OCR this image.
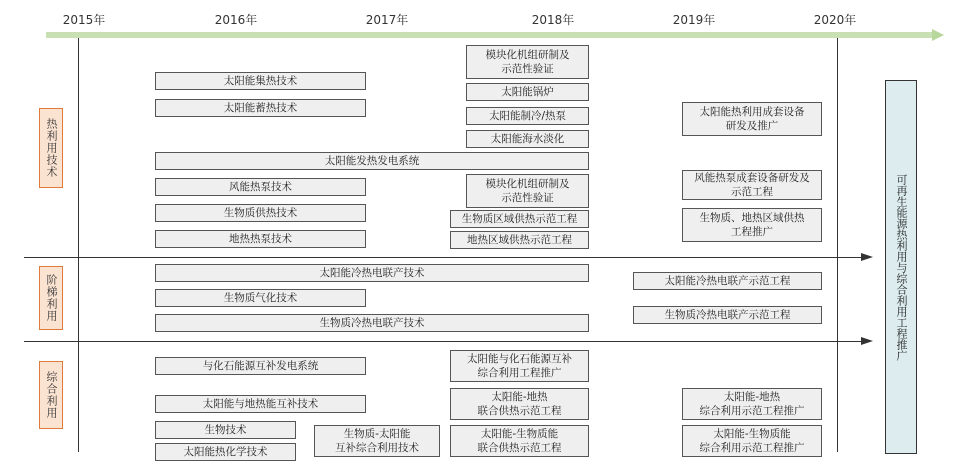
2015年	2016年	2017年	2018年	2019年	2020年
热利用技术
阶梯利用
综合利用
可再生能源热利用与综合利用工程推广
太阳能集热技术
太阳能蓄热技术
风能热泵技术
生物质供热技术
地热热泵技术
太阳能发热发电系统
模块化机组研制及
示范性验证
太阳能锅炉
太阳能制冷/热泵
太阳能海水淡化
模块化机组研制及
示范性验证
生物质区域供热示范工程
地热区域供热示范工程
太阳能热利用成套设备
研发及推广
风能热泵成套设备研发及
示范工程
生物质、地热区域供热
工程推广
太阳能冷热电联产技术
生物质气化技术
生物质冷热电联产技术
太阳能冷热电联产示范工程
生物质冷热电联产示范工程
与化石能源互补发电系统
太阳能与地热能互补技术
生物技术
太阳能热化学技术
生物质-太阳能
互补综合利用技术
太阳能与化石能源互补
综合利用工程推广
太阳能-地热
联合供热示范工程
太阳能-生物质能
联合供热示范工程
太阳能-地热
综合利用示范工程推广
太阳能-生物质能
综合利用示范工程推广
